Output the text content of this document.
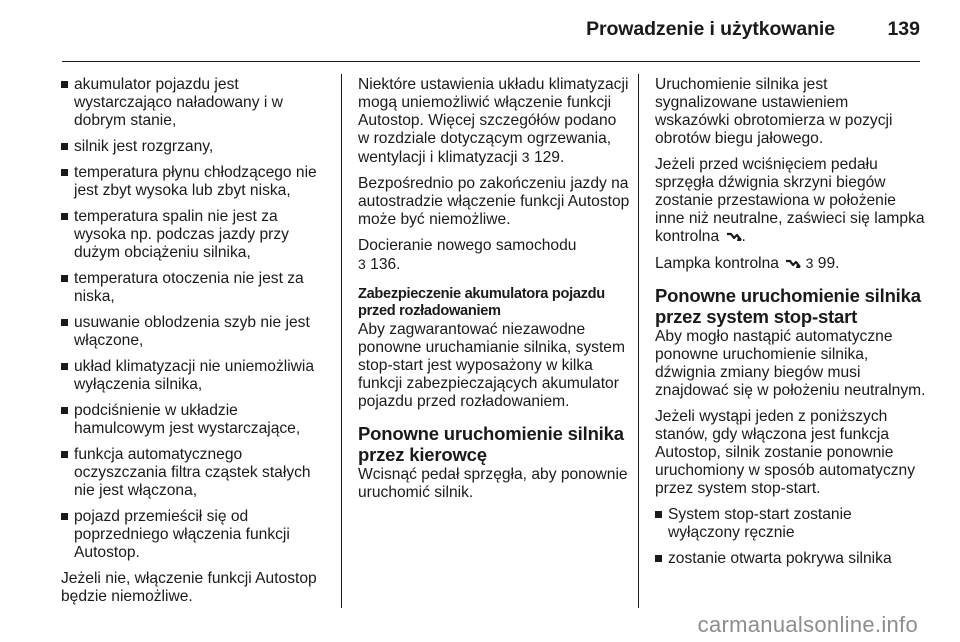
Prowadzenie i użytkowanie	139
akumulator pojazdu jest wystarczająco naładowany i w dobrym stanie,
silnik jest rozgrzany,
temperatura płynu chłodzącego nie jest zbyt wysoka lub zbyt niska,
temperatura spalin nie jest za wysoka np. podczas jazdy przy dużym obciążeniu silnika,
temperatura otoczenia nie jest za niska,
usuwanie oblodzenia szyb nie jest włączone,
układ klimatyzacji nie uniemożliwia wyłączenia silnika,
podciśnienie w układzie hamulcowym jest wystarczające,
funkcja automatycznego oczyszczania filtra cząstek stałych nie jest włączona,
pojazd przemieścił się od poprzedniego włączenia funkcji Autostop.

Jeżeli nie, włączenie funkcji Autostop będzie niemożliwe.

Niektóre ustawienia układu klimatyzacji mogą uniemożliwić włączenie funkcji Autostop. Więcej szczegółów podano w rozdziale dotyczącym ogrzewania, wentylacji i klimatyzacji 3 129.

Bezpośrednio po zakończeniu jazdy na autostradzie włączenie funkcji Autostop może być niemożliwe.

Docieranie nowego samochodu
3 136.

Zabezpieczenie akumulatora pojazdu przed rozładowaniem

Aby zagwarantować niezawodne ponowne uruchamianie silnika, system stop-start jest wyposażony w kilka funkcji zabezpieczających akumulator pojazdu przed rozładowaniem.

Ponowne uruchomienie silnika przez kierowcę

Wcisnąć pedał sprzęgła, aby ponownie uruchomić silnik.

Uruchomienie silnika jest sygnalizowane ustawieniem wskazówki obrotomierza w pozycji obrotów biegu jałowego.

Jeżeli przed wciśnięciem pedału sprzęgła dźwignia skrzyni biegów zostanie przestawiona w położenie inne niż neutralne, zaświeci się lampka kontrolna .

Lampka kontrolna 3 99.

Ponowne uruchomienie silnika przez system stop-start

Aby mogło nastąpić automatyczne ponowne uruchomienie silnika, dźwignia zmiany biegów musi znajdować się w położeniu neutralnym.

Jeżeli wystąpi jeden z poniższych stanów, gdy włączona jest funkcja Autostop, silnik zostanie ponownie uruchomiony w sposób automatyczny przez system stop-start.

System stop-start zostanie wyłączony ręcznie
zostanie otwarta pokrywa silnika
carmanualsonline.info
